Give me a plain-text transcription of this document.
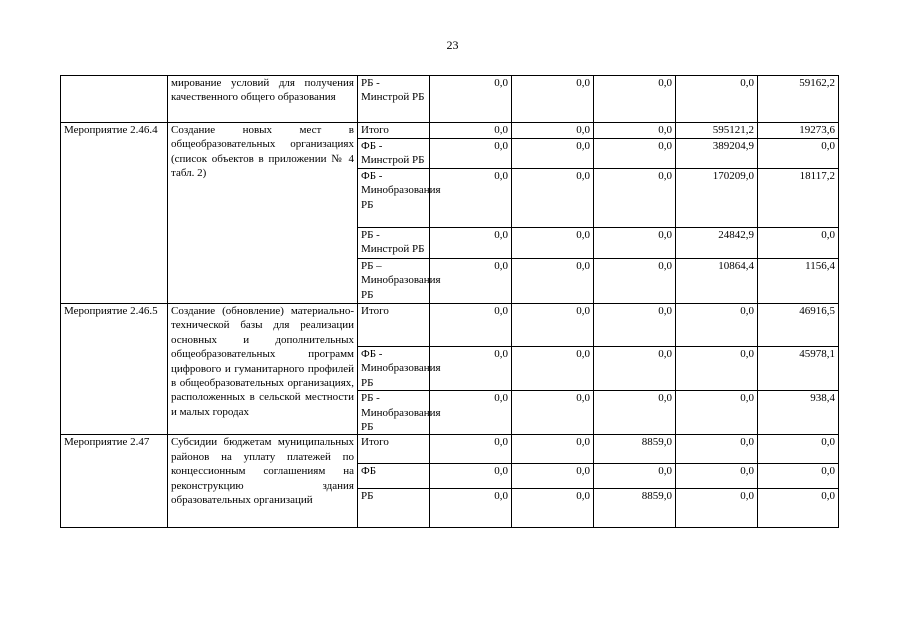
23
	мирование условий для получения качественного общего образования	РБ - Минстрой РБ	0,0	0,0	0,0	0,0	59162,2
Мероприятие 2.46.4	Создание новых мест в общеобразовательных организациях (список объектов в приложении № 4 табл. 2)	Итого	0,0	0,0	0,0	595121,2	19273,6
		ФБ - Минстрой РБ	0,0	0,0	0,0	389204,9	0,0
		ФБ - Минобразования РБ	0,0	0,0	0,0	170209,0	18117,2
		РБ - Минстрой РБ	0,0	0,0	0,0	24842,9	0,0
		РБ – Минобразования РБ	0,0	0,0	0,0	10864,4	1156,4
Мероприятие 2.46.5	Создание (обновление) материально-технической базы для реализации основных и дополнительных общеобразовательных программ цифрового и гуманитарного профилей в общеобразовательных организациях, расположенных в сельской местности и малых городах	Итого	0,0	0,0	0,0	0,0	46916,5
		ФБ - Минобразования РБ	0,0	0,0	0,0	0,0	45978,1
		РБ - Минобразования РБ	0,0	0,0	0,0	0,0	938,4
Мероприятие 2.47	Субсидии бюджетам муниципальных районов на уплату платежей по концессионным соглашениям на реконструкцию здания образовательных организаций	Итого	0,0	0,0	8859,0	0,0	0,0
		ФБ	0,0	0,0	0,0	0,0	0,0
		РБ	0,0	0,0	8859,0	0,0	0,0
